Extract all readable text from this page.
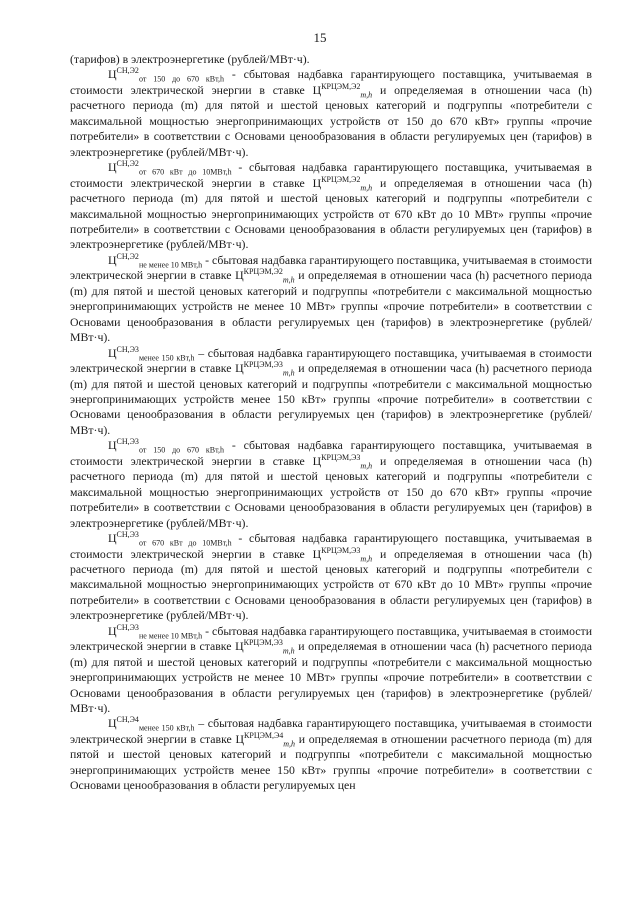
15

(тарифов) в электроэнергетике (рублей/МВт·ч).

$Ц^{СН,Э2}_{от 150 до 670 кВт,h}$ - сбытовая надбавка гарантирующего поставщика, учитываемая в стоимости электрической энергии в ставке $Ц^{КРЦЭМ,Э2}_{m,h}$ и определяемая в отношении часа (h) расчетного периода (m) для пятой и шестой ценовых категорий и подгруппы «потребители с максимальной мощностью энергопринимающих устройств от 150 до 670 кВт» группы «прочие потребители» в соответствии с Основами ценообразования в области регулируемых цен (тарифов) в электроэнергетике (рублей/МВт·ч).

$Ц^{СН,Э2}_{от 670 кВт до 10МВт,h}$ - сбытовая надбавка гарантирующего поставщика, учитываемая в стоимости электрической энергии в ставке $Ц^{КРЦЭМ,Э2}_{m,h}$ и определяемая в отношении часа (h) расчетного периода (m) для пятой и шестой ценовых категорий и подгруппы «потребители с максимальной мощностью энергопринимающих устройств от 670 кВт до 10 МВт» группы «прочие потребители» в соответствии с Основами ценообразования в области регулируемых цен (тарифов) в электроэнергетике (рублей/МВт·ч).

$Ц^{СН,Э2}_{не менее 10 МВт,h}$ - сбытовая надбавка гарантирующего поставщика, учитываемая в стоимости электрической энергии в ставке $Ц^{КРЦЭМ,Э2}_{m,h}$ и определяемая в отношении часа (h) расчетного периода (m) для пятой и шестой ценовых категорий и подгруппы «потребители с максимальной мощностью энергопринимающих устройств не менее 10 МВт» группы «прочие потребители» в соответствии с Основами ценообразования в области регулируемых цен (тарифов) в электроэнергетике (рублей/МВт·ч).

$Ц^{СН,Э3}_{менее 150 кВт,h}$ – сбытовая надбавка гарантирующего поставщика, учитываемая в стоимости электрической энергии в ставке $Ц^{КРЦЭМ,Э3}_{m,h}$ и определяемая в отношении часа (h) расчетного периода (m) для пятой и шестой ценовых категорий и подгруппы «потребители с максимальной мощностью энергопринимающих устройств менее 150 кВт» группы «прочие потребители» в соответствии с Основами ценообразования в области регулируемых цен (тарифов) в электроэнергетике (рублей/МВт·ч).

$Ц^{СН,Э3}_{от 150 до 670 кВт,h}$ - сбытовая надбавка гарантирующего поставщика, учитываемая в стоимости электрической энергии в ставке $Ц^{КРЦЭМ,Э3}_{m,h}$ и определяемая в отношении часа (h) расчетного периода (m) для пятой и шестой ценовых категорий и подгруппы «потребители с максимальной мощностью энергопринимающих устройств от 150 до 670 кВт» группы «прочие потребители» в соответствии с Основами ценообразования в области регулируемых цен (тарифов) в электроэнергетике (рублей/МВт·ч).

$Ц^{СН,Э3}_{от 670 кВт до 10МВт,h}$ - сбытовая надбавка гарантирующего поставщика, учитываемая в стоимости электрической энергии в ставке $Ц^{КРЦЭМ,Э3}_{m,h}$ и определяемая в отношении часа (h) расчетного периода (m) для пятой и шестой ценовых категорий и подгруппы «потребители с максимальной мощностью энергопринимающих устройств от 670 кВт до 10 МВт» группы «прочие потребители» в соответствии с Основами ценообразования в области регулируемых цен (тарифов) в электроэнергетике (рублей/МВт·ч).

$Ц^{СН,Э3}_{не менее 10 МВт,h}$ - сбытовая надбавка гарантирующего поставщика, учитываемая в стоимости электрической энергии в ставке $Ц^{КРЦЭМ,Э3}_{m,h}$ и определяемая в отношении часа (h) расчетного периода (m) для пятой и шестой ценовых категорий и подгруппы «потребители с максимальной мощностью энергопринимающих устройств не менее 10 МВт» группы «прочие потребители» в соответствии с Основами ценообразования в области регулируемых цен (тарифов) в электроэнергетике (рублей/МВт·ч).

$Ц^{СН,Э4}_{менее 150 кВт,h}$ – сбытовая надбавка гарантирующего поставщика, учитываемая в стоимости электрической энергии в ставке $Ц^{КРЦЭМ,Э4}_{m,h}$ и определяемая в отношении расчетного периода (m) для пятой и шестой ценовых категорий и подгруппы «потребители с максимальной мощностью энергопринимающих устройств менее 150 кВт» группы «прочие потребители» в соответствии с Основами ценообразования в области регулируемых цен
